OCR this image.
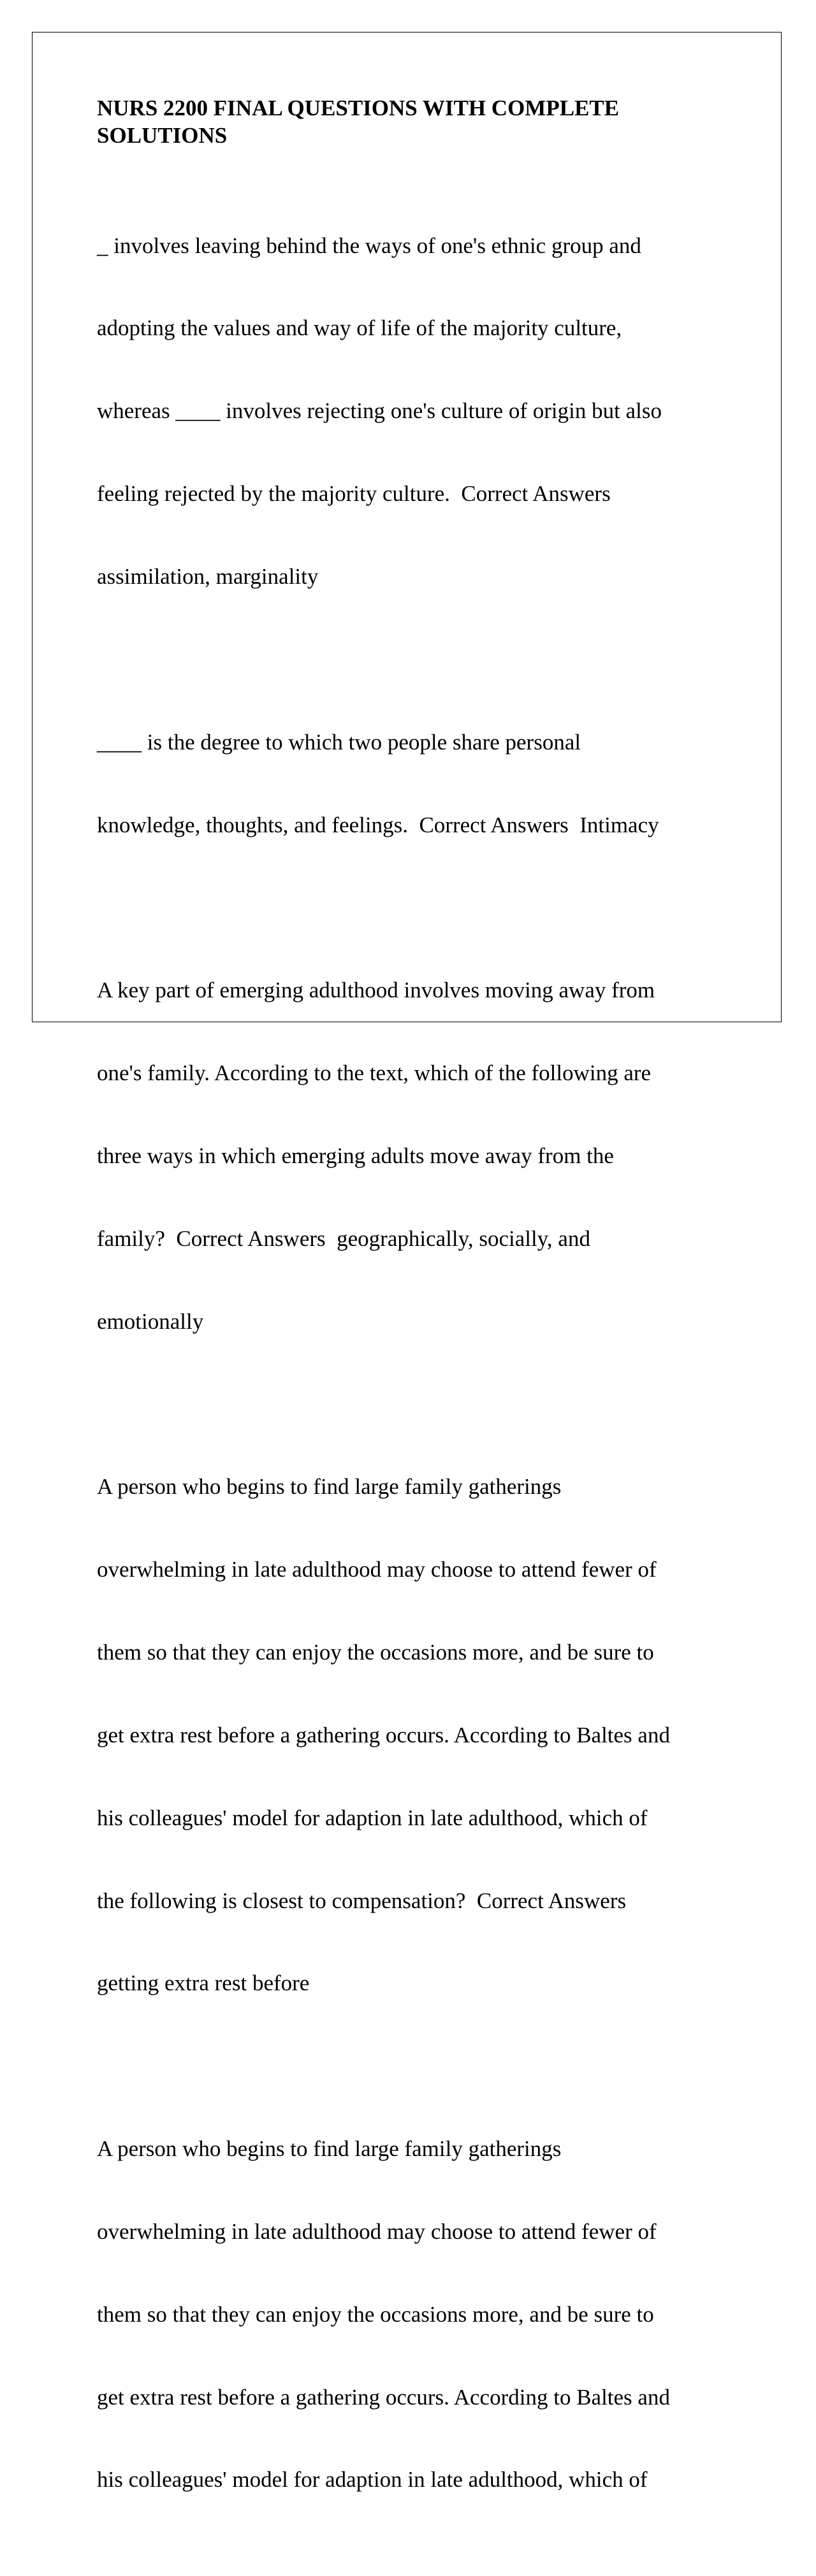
NURS 2200 FINAL QUESTIONS WITH COMPLETE
SOLUTIONS

_ involves leaving behind the ways of one's ethnic group and

adopting the values and way of life of the majority culture,

whereas ____ involves rejecting one's culture of origin but also

feeling rejected by the majority culture.  Correct Answers

assimilation, marginality

____ is the degree to which two people share personal

knowledge, thoughts, and feelings.  Correct Answers  Intimacy

A key part of emerging adulthood involves moving away from

one's family. According to the text, which of the following are

three ways in which emerging adults move away from the

family?  Correct Answers  geographically, socially, and

emotionally

A person who begins to find large family gatherings

overwhelming in late adulthood may choose to attend fewer of

them so that they can enjoy the occasions more, and be sure to

get extra rest before a gathering occurs. According to Baltes and

his colleagues' model for adaption in late adulthood, which of

the following is closest to compensation?  Correct Answers

getting extra rest before

A person who begins to find large family gatherings

overwhelming in late adulthood may choose to attend fewer of

them so that they can enjoy the occasions more, and be sure to

get extra rest before a gathering occurs. According to Baltes and

his colleagues' model for adaption in late adulthood, which of
